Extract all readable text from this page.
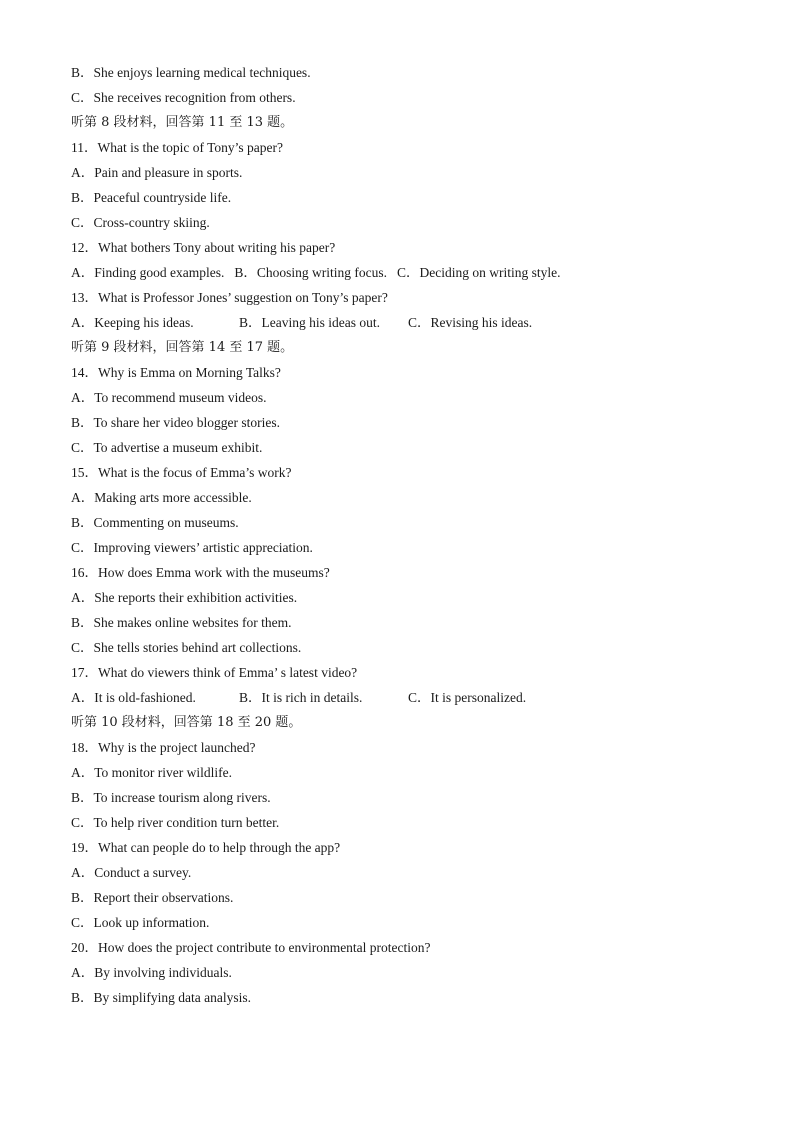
B．She enjoys learning medical techniques.
C．She receives recognition from others.
听第 8 段材料，回答第 11 至 13 题。
11．What is the topic of Tony’s paper?
A．Pain and pleasure in sports.
B．Peaceful countryside life.
C．Cross-country skiing.
12．What bothers Tony about writing his paper?
A．Finding good examples. B．Choosing writing focus. C．Deciding on writing style.
13．What is Professor Jones’ suggestion on Tony’s paper?
A．Keeping his ideas.	B．Leaving his ideas out. C．Revising his ideas.
听第 9 段材料，回答第 14 至 17 题。
14．Why is Emma on Morning Talks?
A．To recommend museum videos.
B．To share her video blogger stories.
C．To advertise a museum exhibit.
15．What is the focus of Emma’s work?
A．Making arts more accessible.
B．Commenting on museums.
C．Improving viewers’ artistic appreciation.
16．How does Emma work with the museums?
A．She reports their exhibition activities.
B．She makes online websites for them.
C．She tells stories behind art collections.
17．What do viewers think of Emma’ s latest video?
A．It is old-fashioned.	B．It is rich in details.	C．It is personalized.
听第 10 段材料，回答第 18 至 20 题。
18．Why is the project launched?
A．To monitor river wildlife.
B．To increase tourism along rivers.
C．To help river condition turn better.
19．What can people do to help through the app?
A．Conduct a survey.
B．Report their observations.
C．Look up information.
20．How does the project contribute to environmental protection?
A．By involving individuals.
B．By simplifying data analysis.
